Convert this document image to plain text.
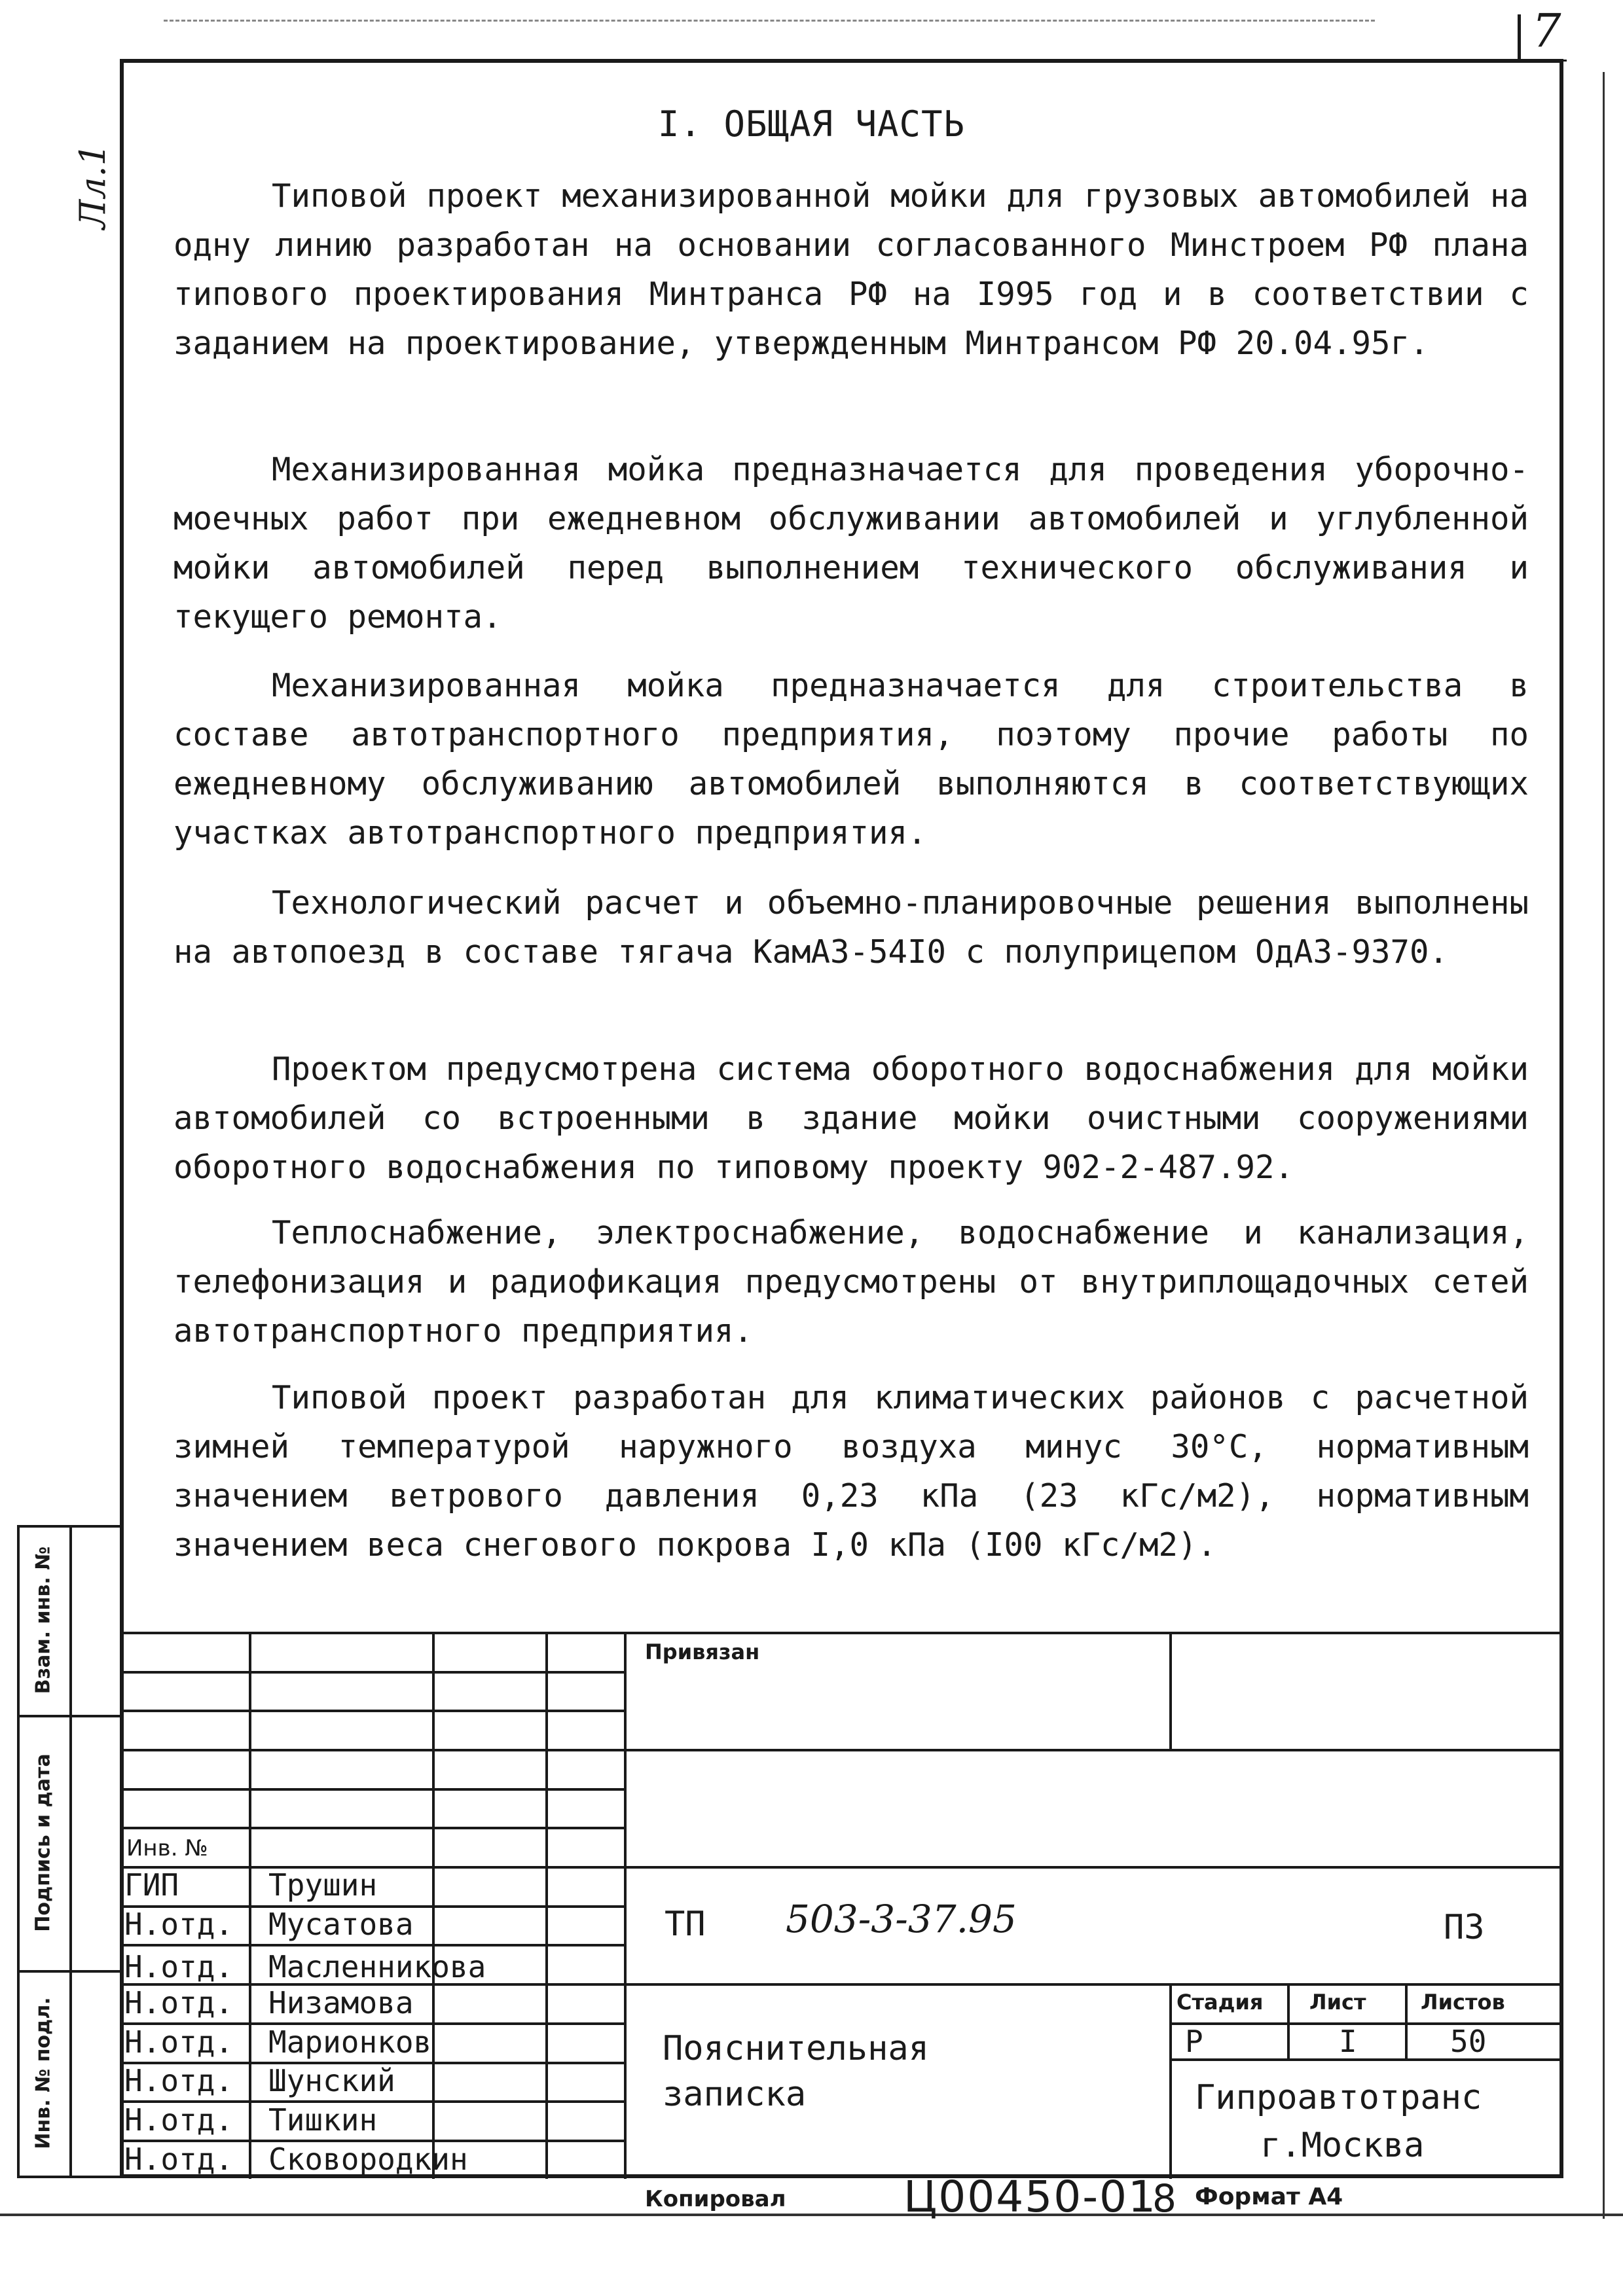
7
Лл.1
Взам. инв. №
Подпись и дата
Инв. № подл.
I. ОБЩАЯ ЧАСТЬ
Типовой проект механизированной мойки для грузовых автомобилей на одну линию разработан на основании согласованного Минстроем РФ плана типового проектирования Минтранса РФ на I995 год и в соответствии с заданием на проектирование, утвержденным Минтрансом РФ 20.04.95г.
Механизированная мойка предназначается для проведения уборочно-моечных работ при ежедневном обслуживании автомобилей и углубленной мойки автомобилей перед выполнением технического обслуживания и текущего ремонта.
Механизированная мойка предназначается для строительства в составе автотранспортного предприятия, поэтому прочие работы по ежедневному обслуживанию автомобилей выполняются в соответствующих участках автотранспортного предприятия.
Технологический расчет и объемно-планировочные решения выполнены на автопоезд в составе тягача КамАЗ-54I0 с полуприцепом ОдАЗ-9370.
Проектом предусмотрена система оборотного водоснабжения для мойки автомобилей со встроенными в здание мойки очистными сооружениями оборотного водоснабжения по типовому проекту 902-2-487.92.
Теплоснабжение, электроснабжение, водоснабжение и канализация, телефонизация и радиофикация предусмотрены от внутриплощадочных сетей автотранспортного предприятия.
Типовой проект разработан для климатических районов с расчетной зимней температурой наружного воздуха минус 30°С, нормативным значением ветрового давления 0,23 кПа (23 кГс/м2), нормативным значением веса снегового покрова I,0 кПа (I00 кГс/м2).
Привязан
Инв. №
ГИП	Трушин
Н.отд. Мусатова
Н.отд. Масленникова
Н.отд. Низамова
Н.отд. Марионков
Н.отд. Шунский
Н.отд. Тишкин
Н.отд. Сковородкин
ТП 503-3-37.95	ПЗ
Пояснительная
записка
Стадия Лист	Листов
Р	I	50
Гипроавтотранс
г.Москва
Копировал	Ц00450-01
8 Формат А4
